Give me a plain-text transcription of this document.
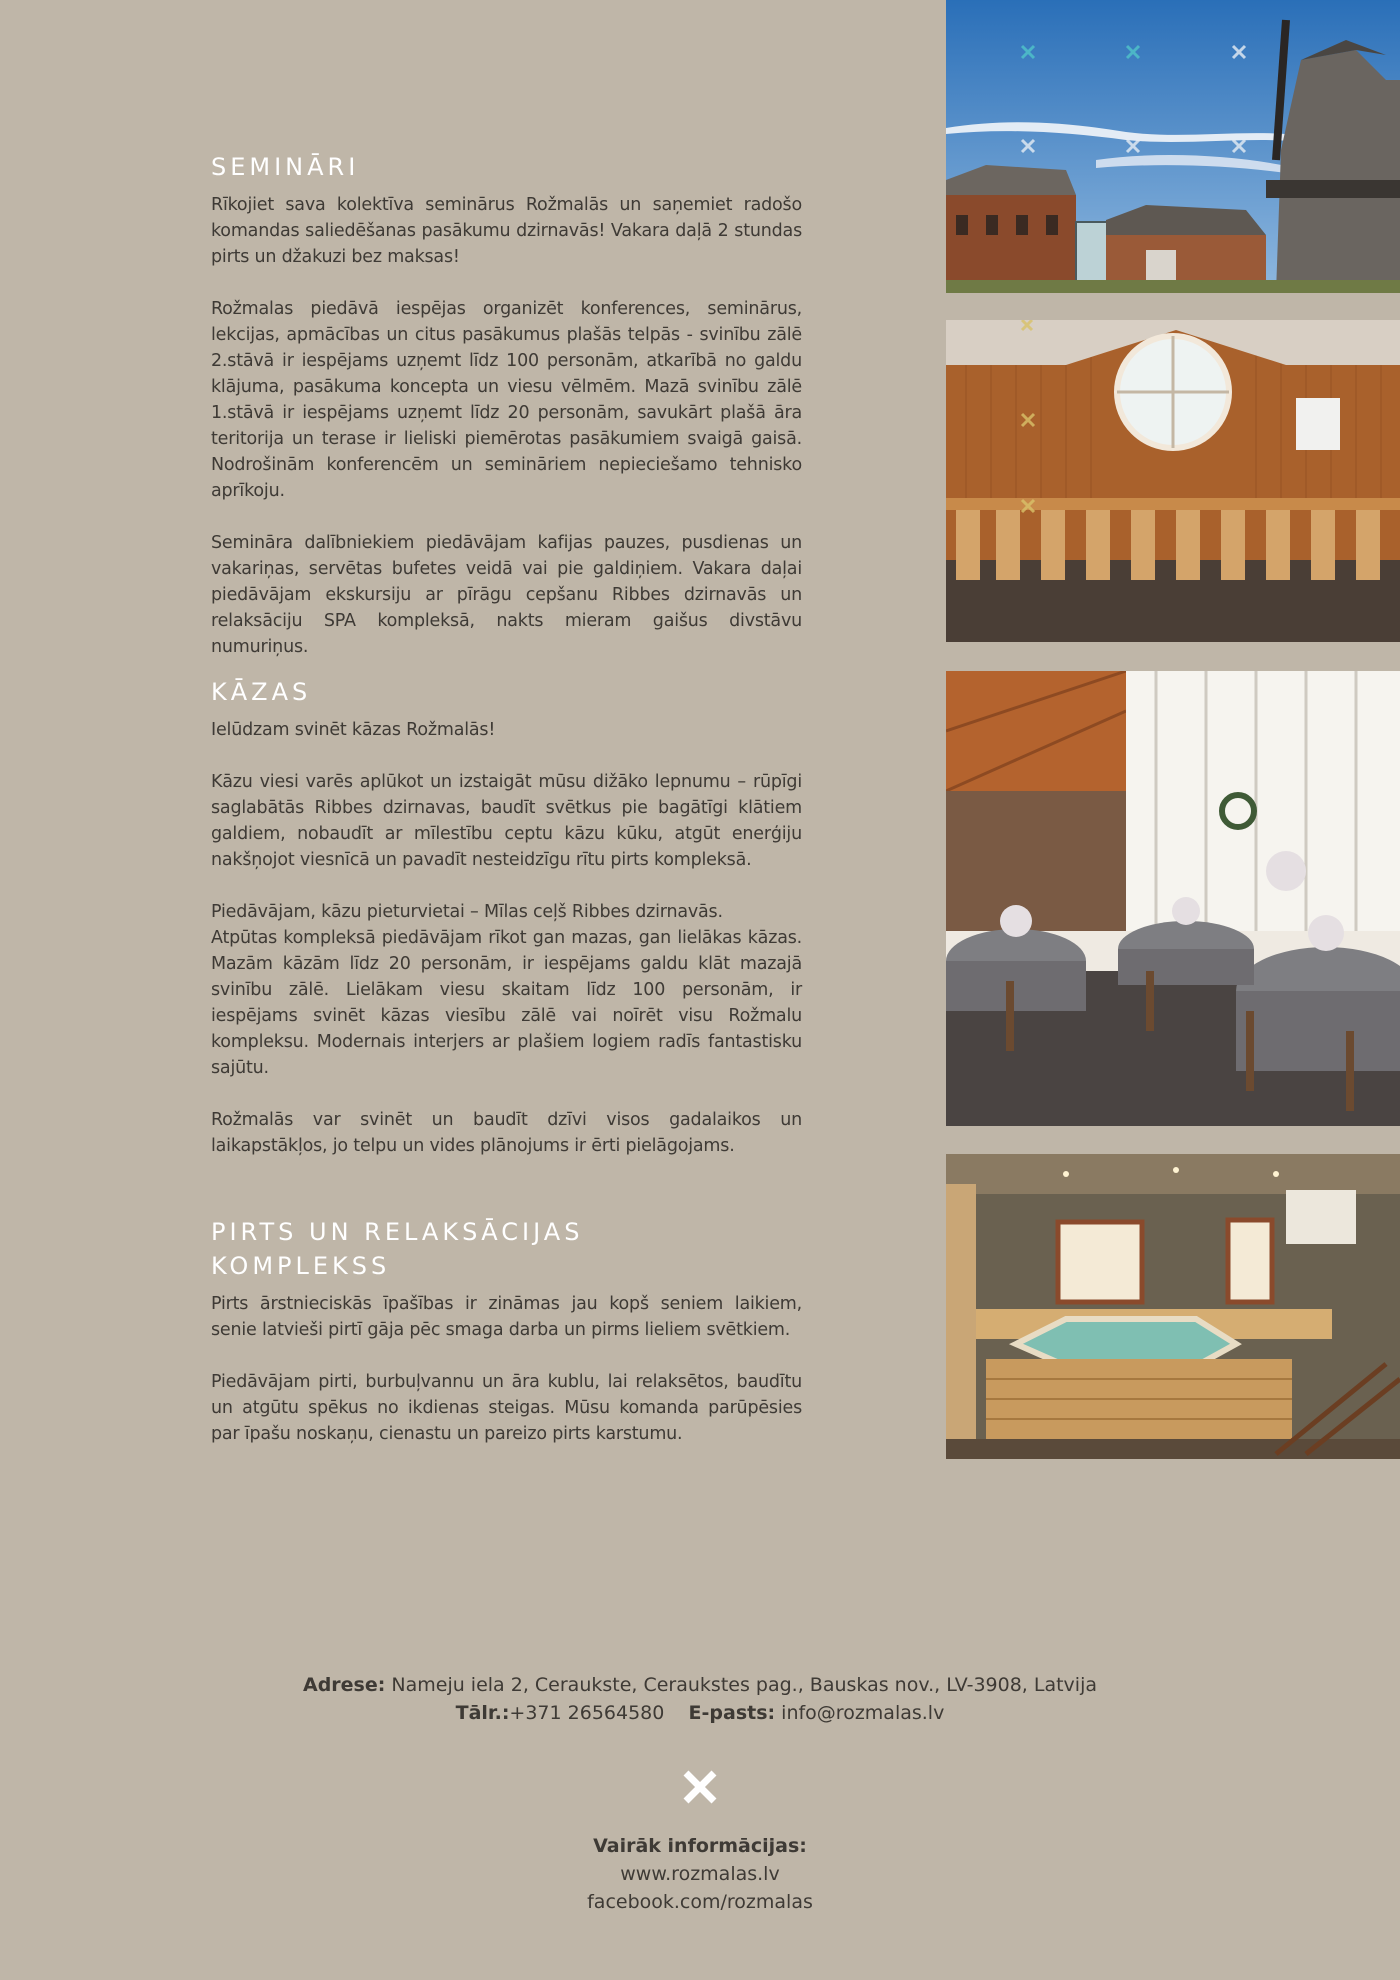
SEMINĀRI

Rīkojiet sava kolektīva seminārus Rožmalās un saņemiet radošo komandas saliedēšanas pasākumu dzirnavās! Vakara daļā 2 stundas pirts un džakuzi bez maksas!

Rožmalas piedāvā iespējas organizēt konferences, seminārus, lekcijas, apmācības un citus pasākumus plašās telpās - svinību zālē 2.stāvā ir iespējams uzņemt līdz 100 personām, atkarībā no galdu klājuma, pasākuma koncepta un viesu vēlmēm. Mazā svinību zālē 1.stāvā ir iespējams uzņemt līdz 20 personām, savukārt plašā āra teritorija un terase ir lieliski piemērotas pasākumiem svaigā gaisā. Nodrošinām konferencēm un semināriem nepieciešamo tehnisko aprīkoju.

Semināra dalībniekiem piedāvājam kafijas pauzes, pusdienas un vakariņas, servētas bufetes veidā vai pie galdiņiem. Vakara daļai piedāvājam ekskursiju ar pīrāgu cepšanu Ribbes dzirnavās un relaksāciju SPA kompleksā, nakts mieram gaišus divstāvu numuriņus.

KĀZAS

Ielūdzam svinēt kāzas Rožmalās!

Kāzu viesi varēs aplūkot un izstaigāt mūsu dižāko lepnumu – rūpīgi saglabātās Ribbes dzirnavas, baudīt svētkus pie bagātīgi klātiem galdiem, nobaudīt ar mīlestību ceptu kāzu kūku, atgūt enerģiju nakšņojot viesnīcā un pavadīt nesteidzīgu rītu pirts kompleksā.

Piedāvājam, kāzu pieturvietai – Mīlas ceļš Ribbes dzirnavās.

Atpūtas kompleksā piedāvājam rīkot gan mazas, gan lielākas kāzas. Mazām kāzām līdz 20 personām, ir iespējams galdu klāt mazajā svinību zālē. Lielākam viesu skaitam līdz 100 personām, ir iespējams svinēt kāzas viesību zālē vai noīrēt visu Rožmalu kompleksu. Modernais interjers ar plašiem logiem radīs fantastisku sajūtu.

Rožmalās var svinēt un baudīt dzīvi visos gadalaikos un laikapstākļos, jo telpu un vides plānojums ir ērti pielāgojams.

PIRTS UN RELAKSĀCIJAS
KOMPLEKSS

Pirts ārstnieciskās īpašības ir zināmas jau kopš seniem laikiem, senie latvieši pirtī gāja pēc smaga darba un pirms lieliem svētkiem.

Piedāvājam pirti, burbuļvannu un āra kublu, lai relaksētos, baudītu un atgūtu spēkus no ikdienas steigas. Mūsu komanda parūpēsies par īpašu noskaņu, cienastu un pareizo pirts karstumu.

Adrese: Nameju iela 2, Ceraukste, Ceraukstes pag., Bauskas nov., LV-3908, Latvija
Tālr.:+371 26564580 E-pasts: info@rozmalas.lv
Vairāk informācijas:
www.rozmalas.lv
facebook.com/rozmalas
